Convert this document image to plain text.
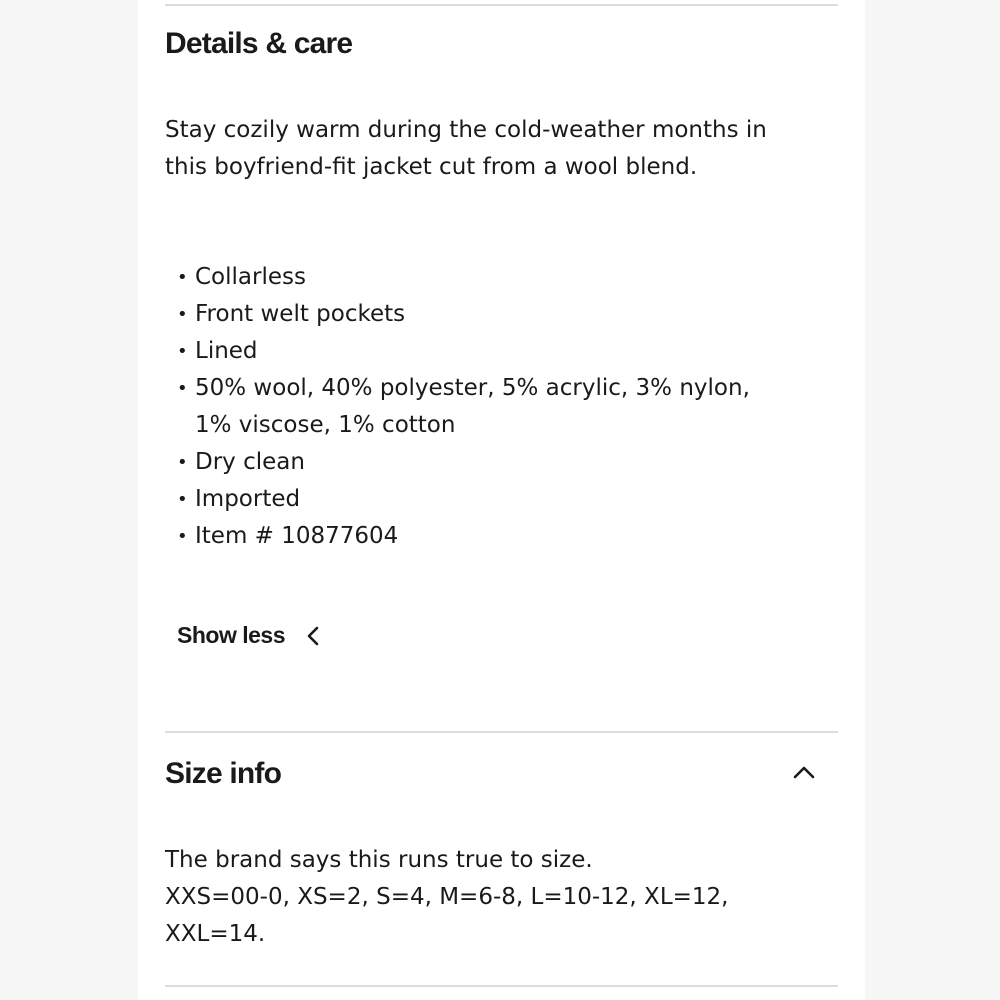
Details & care

Stay cozily warm during the cold-weather months in this boyfriend-fit jacket cut from a wool blend.

• Collarless
• Front welt pockets
• Lined
• 50% wool, 40% polyester, 5% acrylic, 3% nylon,
1% viscose, 1% cotton
• Dry clean
• Imported
• Item # 10877604
Show less
Size info
The brand says this runs true to size.
XXS=00-0, XS=2, S=4, M=6-8, L=10-12, XL=12,
XXL=14.
